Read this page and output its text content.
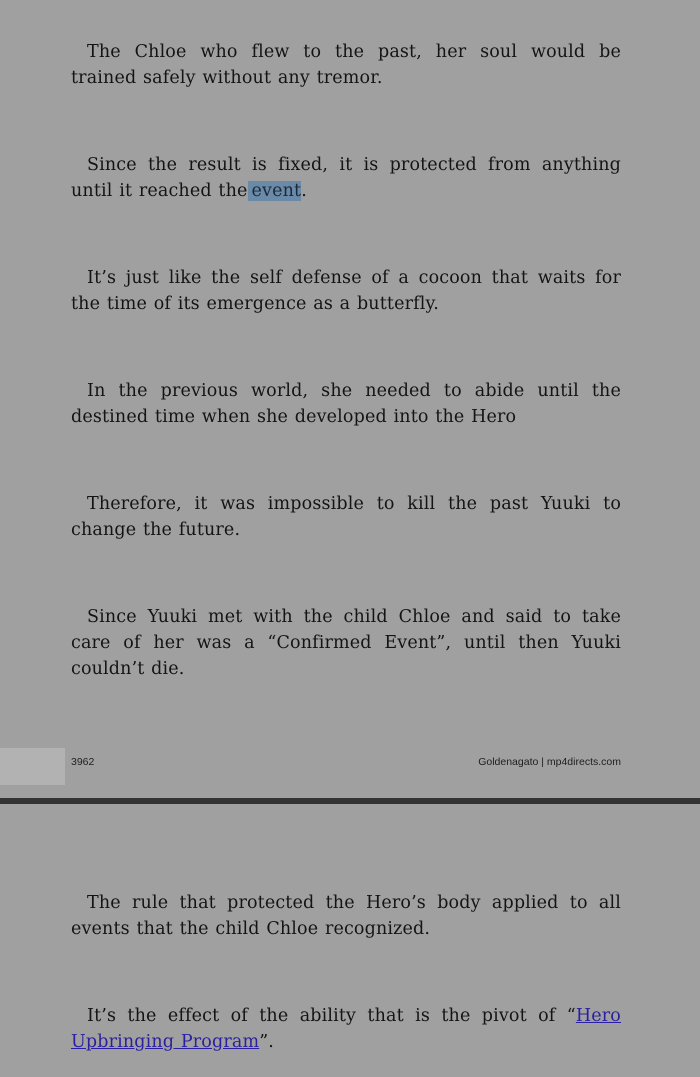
The Chloe who flew to the past, her soul would be trained safely without any tremor.

Since the result is fixed, it is protected from anything until it reached the event.

It’s just like the self defense of a cocoon that waits for the time of its emergence as a butterfly.

In the previous world, she needed to abide until the destined time when she developed into the Hero

Therefore, it was impossible to kill the past Yuuki to change the future.

Since Yuuki met with the child Chloe and said to take care of her was a “Confirmed Event”, until then Yuuki couldn’t die.

3962	Goldenagato | mp4directs.com

The rule that protected the Hero’s body applied to all events that the child Chloe recognized.

It’s the effect of the ability that is the pivot of “Hero Upbringing Program”.
